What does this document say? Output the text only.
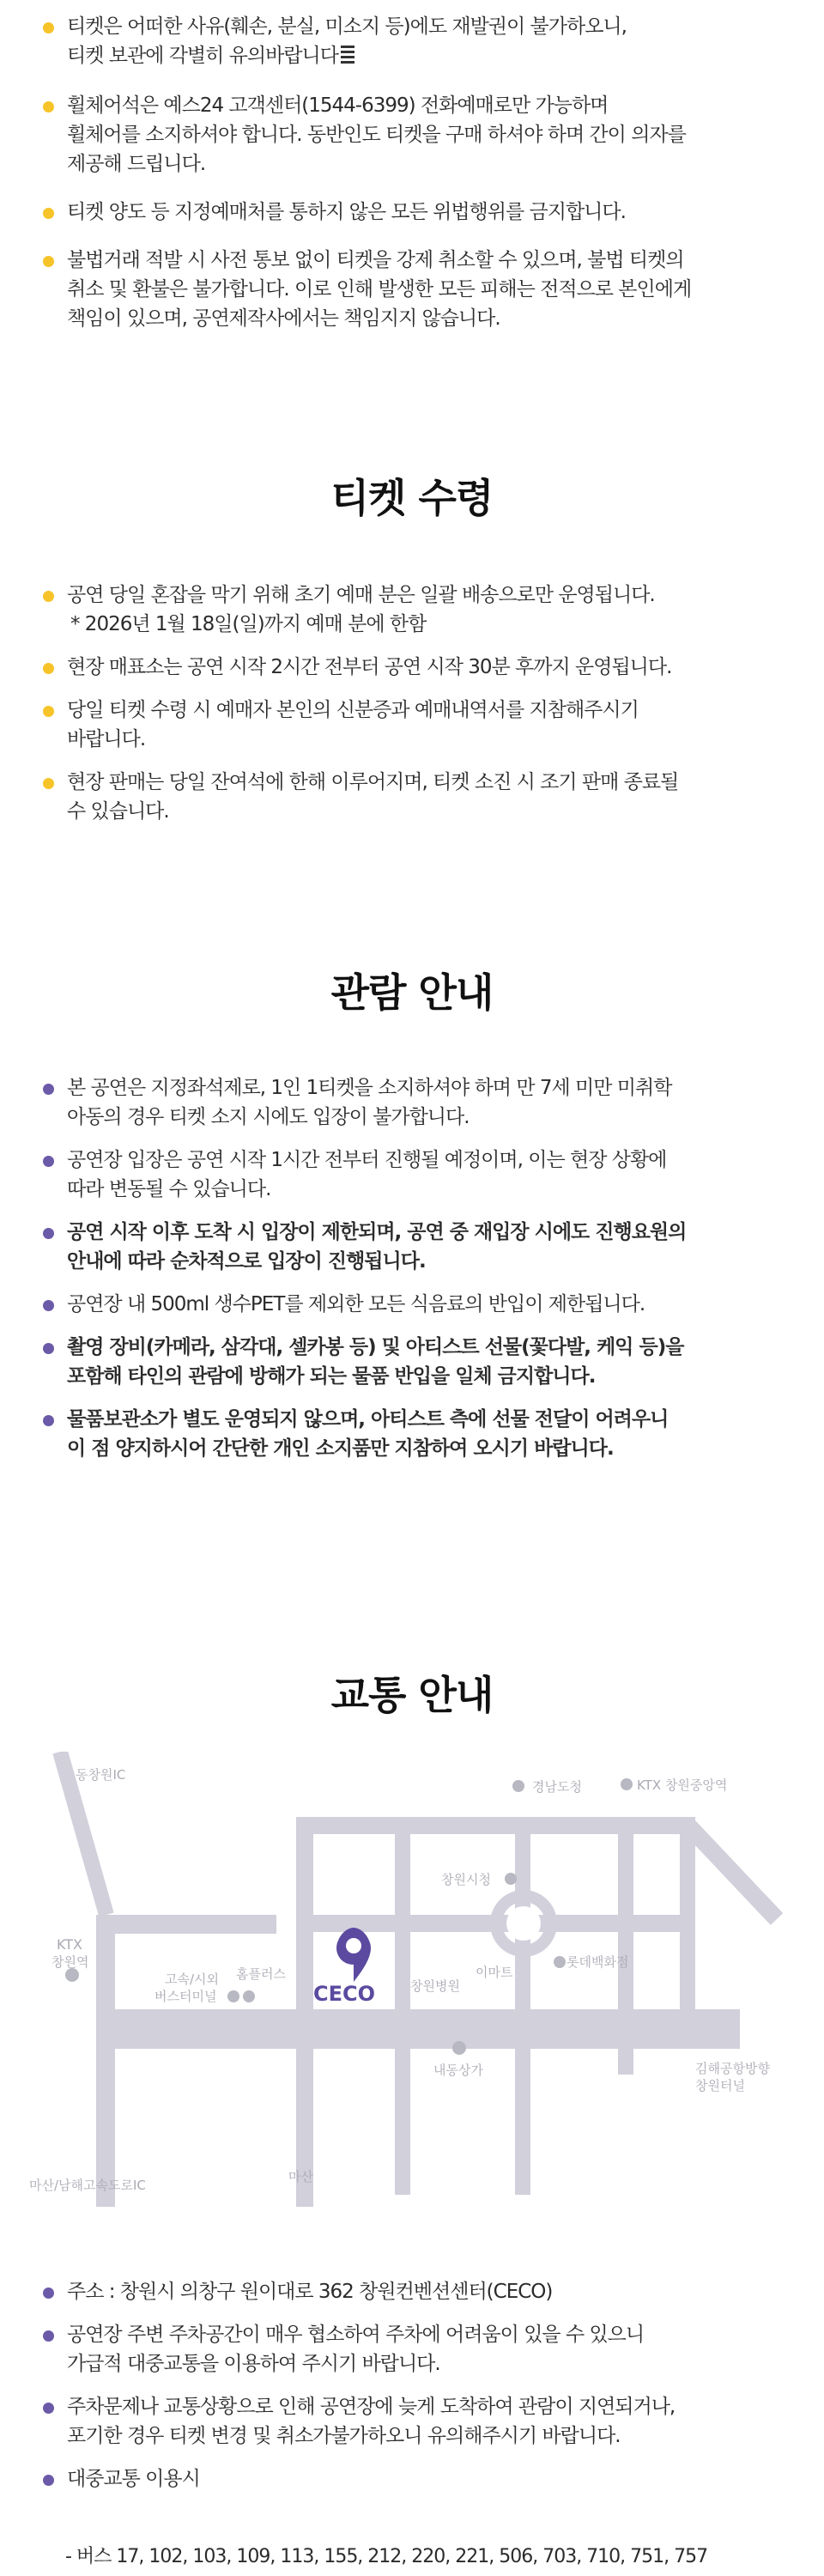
티켓은 어떠한 사유(훼손, 분실, 미소지 등)에도 재발권이 불가하오니,
티켓 보관에 각별히 유의바랍니다
휠체어석은 예스24 고객센터(1544-6399) 전화예매로만 가능하며
휠체어를 소지하셔야 합니다. 동반인도 티켓을 구매 하셔야 하며 간이 의자를
제공해 드립니다.
티켓 양도 등 지정예매처를 통하지 않은 모든 위법행위를 금지합니다.
불법거래 적발 시 사전 통보 없이 티켓을 강제 취소할 수 있으며, 불법 티켓의
취소 및 환불은 불가합니다. 이로 인해 발생한 모든 피해는 전적으로 본인에게
책임이 있으며, 공연제작사에서는 책임지지 않습니다.
티켓 수령
공연 당일 혼잡을 막기 위해 초기 예매 분은 일괄 배송으로만 운영됩니다.
* 2026년 1월 18일(일)까지 예매 분에 한함
현장 매표소는 공연 시작 2시간 전부터 공연 시작 30분 후까지 운영됩니다.
당일 티켓 수령 시 예매자 본인의 신분증과 예매내역서를 지참해주시기
바랍니다.
현장 판매는 당일 잔여석에 한해 이루어지며, 티켓 소진 시 조기 판매 종료될
수 있습니다.
관람 안내
본 공연은 지정좌석제로, 1인 1티켓을 소지하셔야 하며 만 7세 미만 미취학
아동의 경우 티켓 소지 시에도 입장이 불가합니다.
공연장 입장은 공연 시작 1시간 전부터 진행될 예정이며, 이는 현장 상황에
따라 변동될 수 있습니다.
공연 시작 이후 도착 시 입장이 제한되며, 공연 중 재입장 시에도 진행요원의
안내에 따라 순차적으로 입장이 진행됩니다.
공연장 내 500ml 생수PET를 제외한 모든 식음료의 반입이 제한됩니다.
촬영 장비(카메라, 삼각대, 셀카봉 등) 및 아티스트 선물(꽃다발, 케익 등)을
포함해 타인의 관람에 방해가 되는 물품 반입을 일체 금지합니다.
물품보관소가 별도 운영되지 않으며, 아티스트 측에 선물 전달이 어려우니
이 점 양지하시어 간단한 개인 소지품만 지참하여 오시기 바랍니다.
교통 안내
동창원IC
경남도청	KTX 창원중앙역
창원시청
KTX
창원역
고속/시외
버스터미널
홈플러스
CECO	창원병원
이마트
롯데백화점
내동상가	김해공항방향
창원터널
마산/남해고속도로IC
마산
주소 : 창원시 의창구 원이대로 362 창원컨벤션센터(CECO)
공연장 주변 주차공간이 매우 협소하여 주차에 어려움이 있을 수 있으니
가급적 대중교통을 이용하여 주시기 바랍니다.
주차문제나 교통상황으로 인해 공연장에 늦게 도착하여 관람이 지연되거나,
포기한 경우 티켓 변경 및 취소가불가하오니 유의해주시기 바랍니다.
대중교통 이용시
- 버스 17, 102, 103, 109, 113, 155, 212, 220, 221, 506, 703, 710, 751, 757
